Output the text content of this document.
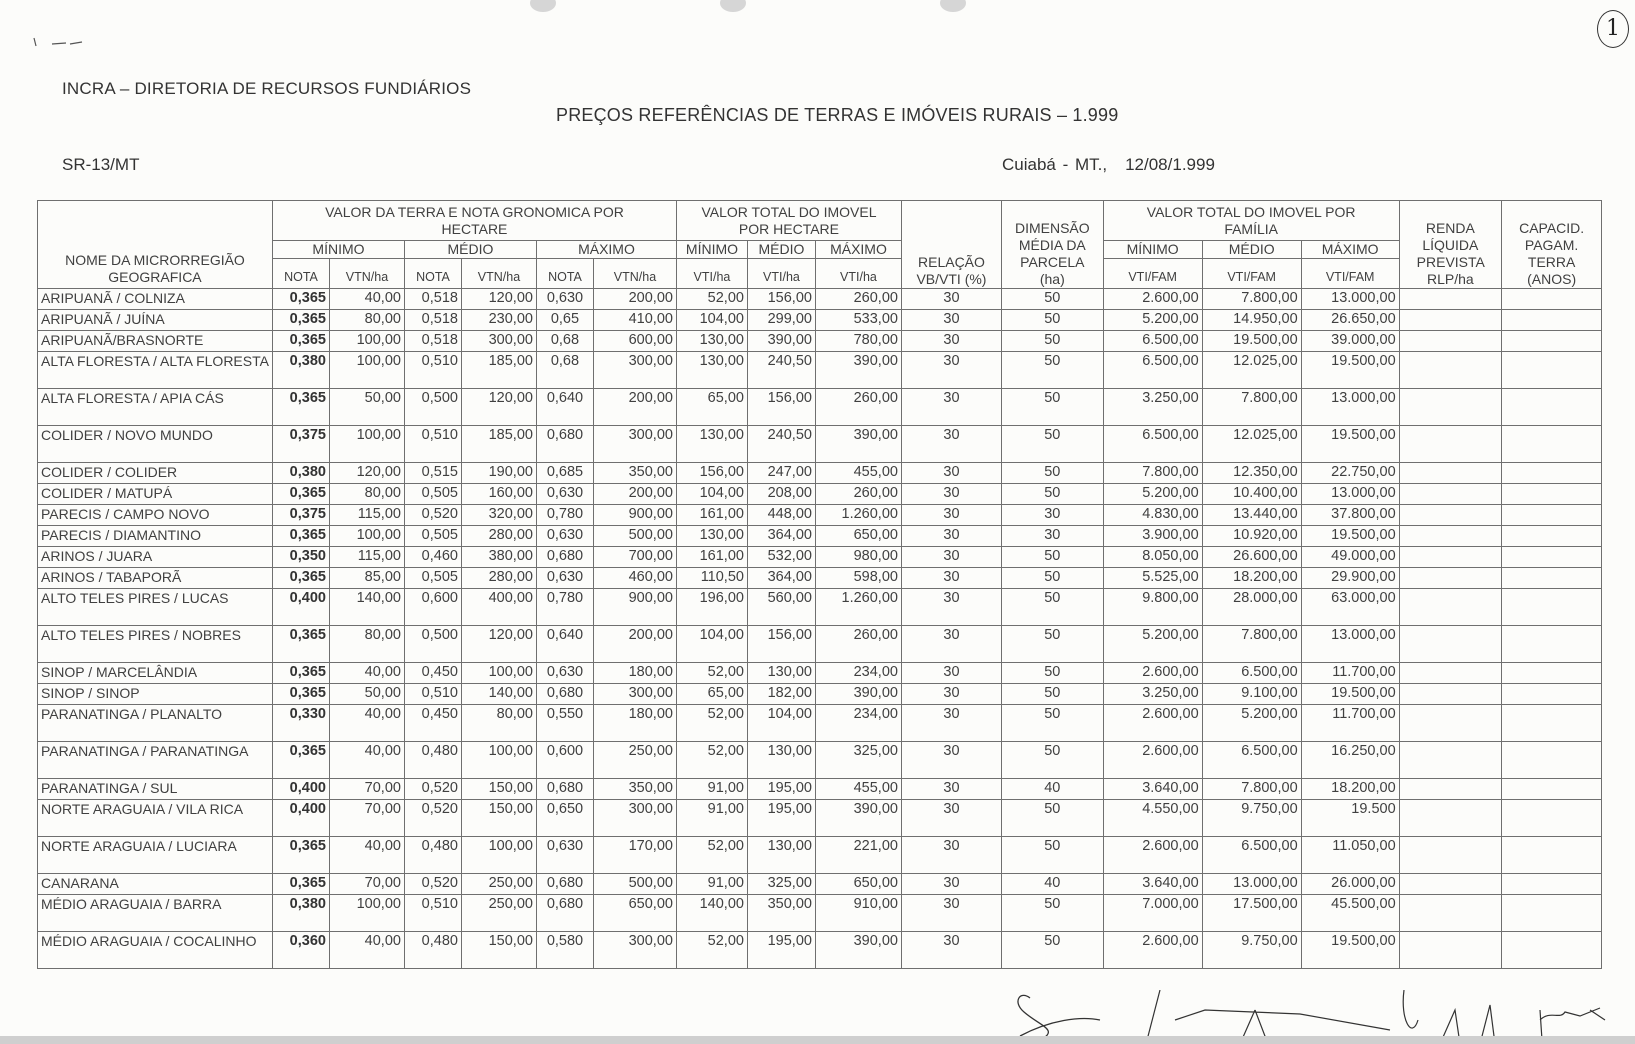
1
INCRA – DIRETORIA DE RECURSOS FUNDIÁRIOS
PREÇOS REFERÊNCIAS DE TERRAS E IMÓVEIS RURAIS – 1.999
SR-13/MT	Cuiabá - MT., 12/08/1.999
NOME DA MICRORREGIÃO GEOGRAFICA	VALOR DA TERRA E NOTA GRONOMICA POR HECTARE						VALOR TOTAL DO IMOVEL POR HECTARE			RELAÇÃO VB/VTI (%)	DIMENSÃO MÉDIA DA PARCELA (ha)	VALOR TOTAL DO IMOVEL POR FAMÍLIA			RENDA LÍQUIDA PREVISTA RLP/ha	CAPACID. PAGAM. TERRA (ANOS)

	MÍNIMO		MÉDIO		MÁXIMO		MÍNIMO	MÉDIO	MÁXIMO			MÍNIMO	MÉDIO	MÁXIMO		
	NOTA	VTN/ha	NOTA	VTN/ha	NOTA	VTN/ha	VTI/ha	VTI/ha	VTI/ha			VTI/FAM	VTI/FAM	VTI/FAM		
ARIPUANÃ / COLNIZA	0,365	40,00	0,518	120,00	0,630	200,00	52,00	156,00	260,00	30	50	2.600,00	7.800,00	13.000,00		
ARIPUANÃ / JUÍNA	0,365	80,00	0,518	230,00	0,65	410,00	104,00	299,00	533,00	30	50	5.200,00	14.950,00	26.650,00		
ARIPUANÃ/BRASNORTE	0,365	100,00	0,518	300,00	0,68	600,00	130,00	390,00	780,00	30	50	6.500,00	19.500,00	39.000,00		
ALTA FLORESTA / ALTA FLORESTA	0,380	100,00	0,510	185,00	0,68	300,00	130,00	240,50	390,00	30	50	6.500,00	12.025,00	19.500,00		
ALTA FLORESTA / APIA CÁS	0,365	50,00	0,500	120,00	0,640	200,00	65,00	156,00	260,00	30	50	3.250,00	7.800,00	13.000,00		
COLIDER / NOVO MUNDO	0,375	100,00	0,510	185,00	0,680	300,00	130,00	240,50	390,00	30	50	6.500,00	12.025,00	19.500,00		
COLIDER / COLIDER	0,380	120,00	0,515	190,00	0,685	350,00	156,00	247,00	455,00	30	50	7.800,00	12.350,00	22.750,00		
COLIDER / MATUPÁ	0,365	80,00	0,505	160,00	0,630	200,00	104,00	208,00	260,00	30	50	5.200,00	10.400,00	13.000,00		
PARECIS / CAMPO NOVO	0,375	115,00	0,520	320,00	0,780	900,00	161,00	448,00	1.260,00	30	30	4.830,00	13.440,00	37.800,00		
PARECIS / DIAMANTINO	0,365	100,00	0,505	280,00	0,630	500,00	130,00	364,00	650,00	30	30	3.900,00	10.920,00	19.500,00		
ARINOS / JUARA	0,350	115,00	0,460	380,00	0,680	700,00	161,00	532,00	980,00	30	50	8.050,00	26.600,00	49.000,00		
ARINOS / TABAPORÃ	0,365	85,00	0,505	280,00	0,630	460,00	110,50	364,00	598,00	30	50	5.525,00	18.200,00	29.900,00		
ALTO TELES PIRES / LUCAS	0,400	140,00	0,600	400,00	0,780	900,00	196,00	560,00	1.260,00	30	50	9.800,00	28.000,00	63.000,00		
ALTO TELES PIRES / NOBRES	0,365	80,00	0,500	120,00	0,640	200,00	104,00	156,00	260,00	30	50	5.200,00	7.800,00	13.000,00		
SINOP / MARCELÂNDIA	0,365	40,00	0,450	100,00	0,630	180,00	52,00	130,00	234,00	30	50	2.600,00	6.500,00	11.700,00		
SINOP / SINOP	0,365	50,00	0,510	140,00	0,680	300,00	65,00	182,00	390,00	30	50	3.250,00	9.100,00	19.500,00		
PARANATINGA / PLANALTO	0,330	40,00	0,450	80,00	0,550	180,00	52,00	104,00	234,00	30	50	2.600,00	5.200,00	11.700,00		
PARANATINGA / PARANATINGA	0,365	40,00	0,480	100,00	0,600	250,00	52,00	130,00	325,00	30	50	2.600,00	6.500,00	16.250,00		
PARANATINGA / SUL	0,400	70,00	0,520	150,00	0,680	350,00	91,00	195,00	455,00	30	40	3.640,00	7.800,00	18.200,00		
NORTE ARAGUAIA / VILA RICA	0,400	70,00	0,520	150,00	0,650	300,00	91,00	195,00	390,00	30	50	4.550,00	9.750,00	19.500		
NORTE ARAGUAIA / LUCIARA	0,365	40,00	0,480	100,00	0,630	170,00	52,00	130,00	221,00	30	50	2.600,00	6.500,00	11.050,00		
CANARANA	0,365	70,00	0,520	250,00	0,680	500,00	91,00	325,00	650,00	30	40	3.640,00	13.000,00	26.000,00		
MÉDIO ARAGUAIA / BARRA	0,380	100,00	0,510	250,00	0,680	650,00	140,00	350,00	910,00	30	50	7.000,00	17.500,00	45.500,00		
MÉDIO ARAGUAIA / COCALINHO	0,360	40,00	0,480	150,00	0,580	300,00	52,00	195,00	390,00	30	50	2.600,00	9.750,00	19.500,00		
